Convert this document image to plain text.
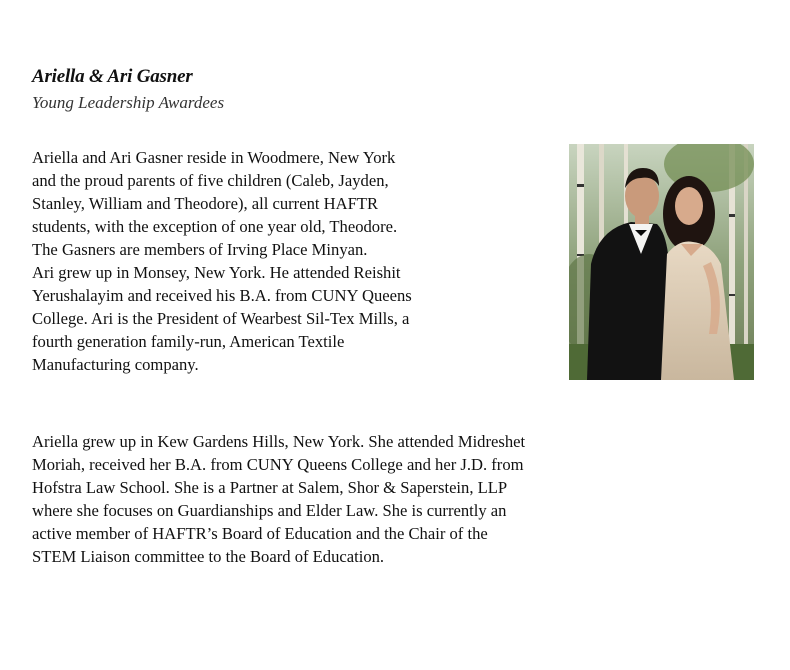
Ariella & Ari Gasner
Young Leadership Awardees
Ariella and Ari Gasner reside in Woodmere, New York
and the proud parents of five children (Caleb, Jayden,
Stanley, William and Theodore), all current HAFTR
students, with the exception of one year old, Theodore.
The Gasners are members of Irving Place Minyan.
Ari grew up in Monsey, New York. He attended Reishit
Yerushalayim and received his B.A. from CUNY Queens
College. Ari is the President of Wearbest Sil-Tex Mills, a
fourth generation family-run, American Textile
Manufacturing company.
Ariella grew up in Kew Gardens Hills, New York. She attended Midreshet
Moriah, received her B.A. from CUNY Queens College and her J.D. from
Hofstra Law School. She is a Partner at Salem, Shor & Saperstein, LLP
where she focuses on Guardianships and Elder Law. She is currently an
active member of HAFTR’s Board of Education and the Chair of the
STEM Liaison committee to the Board of Education.
